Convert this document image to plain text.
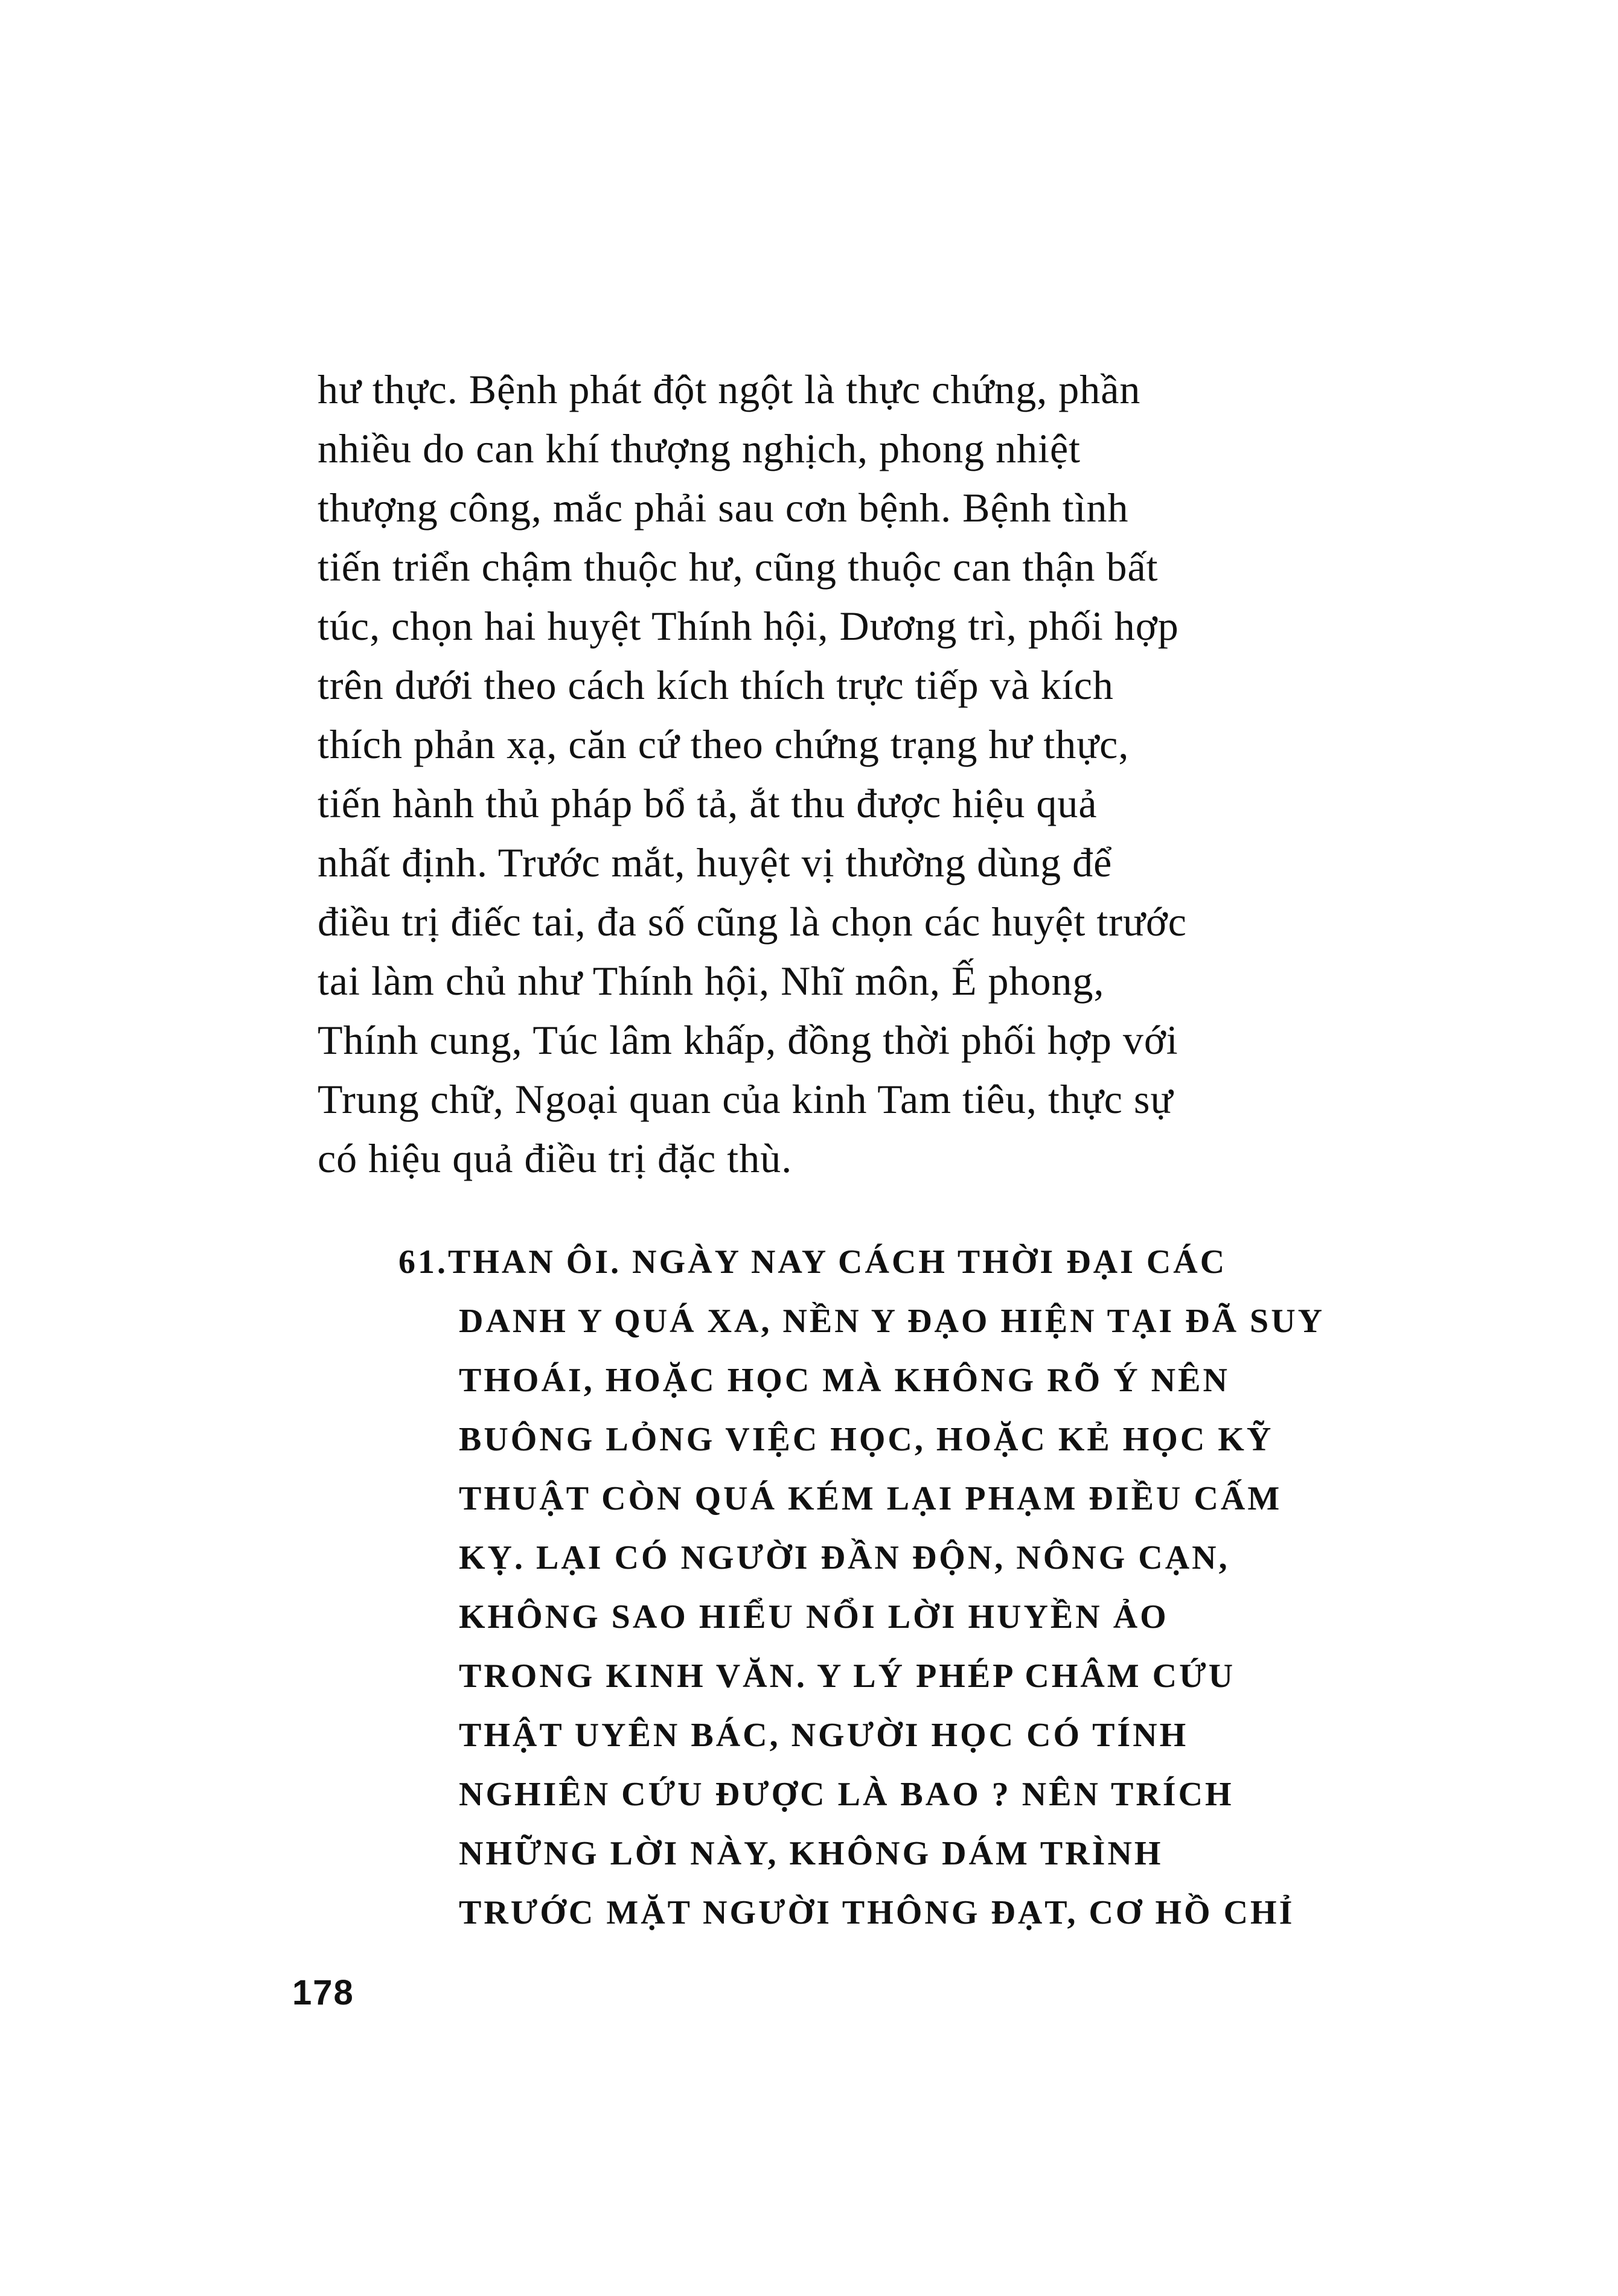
hư thực. Bệnh phát đột ngột là thực chứng, phần
nhiều do can khí thượng nghịch, phong nhiệt
thượng công, mắc phải sau cơn bệnh. Bệnh tình
tiến triển chậm thuộc hư, cũng thuộc can thận bất
túc, chọn hai huyệt Thính hội, Dương trì, phối hợp
trên dưới theo cách kích thích trực tiếp và kích
thích phản xạ, căn cứ theo chứng trạng hư thực,
tiến hành thủ pháp bổ tả, ắt thu được hiệu quả
nhất định. Trước mắt, huyệt vị thường dùng để
điều trị điếc tai, đa số cũng là chọn các huyệt trước
tai làm chủ như Thính hội, Nhĩ môn, Ế phong,
Thính cung, Túc lâm khấp, đồng thời phối hợp với
Trung chữ, Ngoại quan của kinh Tam tiêu, thực sự
có hiệu quả điều trị đặc thù.
61.THAN ÔI. NGÀY NAY CÁCH THỜI ĐẠI CÁC
DANH Y QUÁ XA, NỀN Y ĐẠO HIỆN TẠI ĐÃ SUY
THOÁI, HOẶC HỌC MÀ KHÔNG RÕ Ý NÊN
BUÔNG LỎNG VIỆC HỌC, HOẶC KẺ HỌC KỸ
THUẬT CÒN QUÁ KÉM LẠI PHẠM ĐIỀU CẤM
KỴ. LẠI CÓ NGƯỜI ĐẦN ĐỘN, NÔNG CẠN,
KHÔNG SAO HIỂU NỔI LỜI HUYỀN ẢO
TRONG KINH VĂN. Y LÝ PHÉP CHÂM CỨU
THẬT UYÊN BÁC, NGƯỜI HỌC CÓ TÍNH
NGHIÊN CỨU ĐƯỢC LÀ BAO ? NÊN TRÍCH
NHỮNG LỜI NÀY, KHÔNG DÁM TRÌNH
TRƯỚC MẶT NGƯỜI THÔNG ĐẠT, CƠ HỒ CHỈ
178
